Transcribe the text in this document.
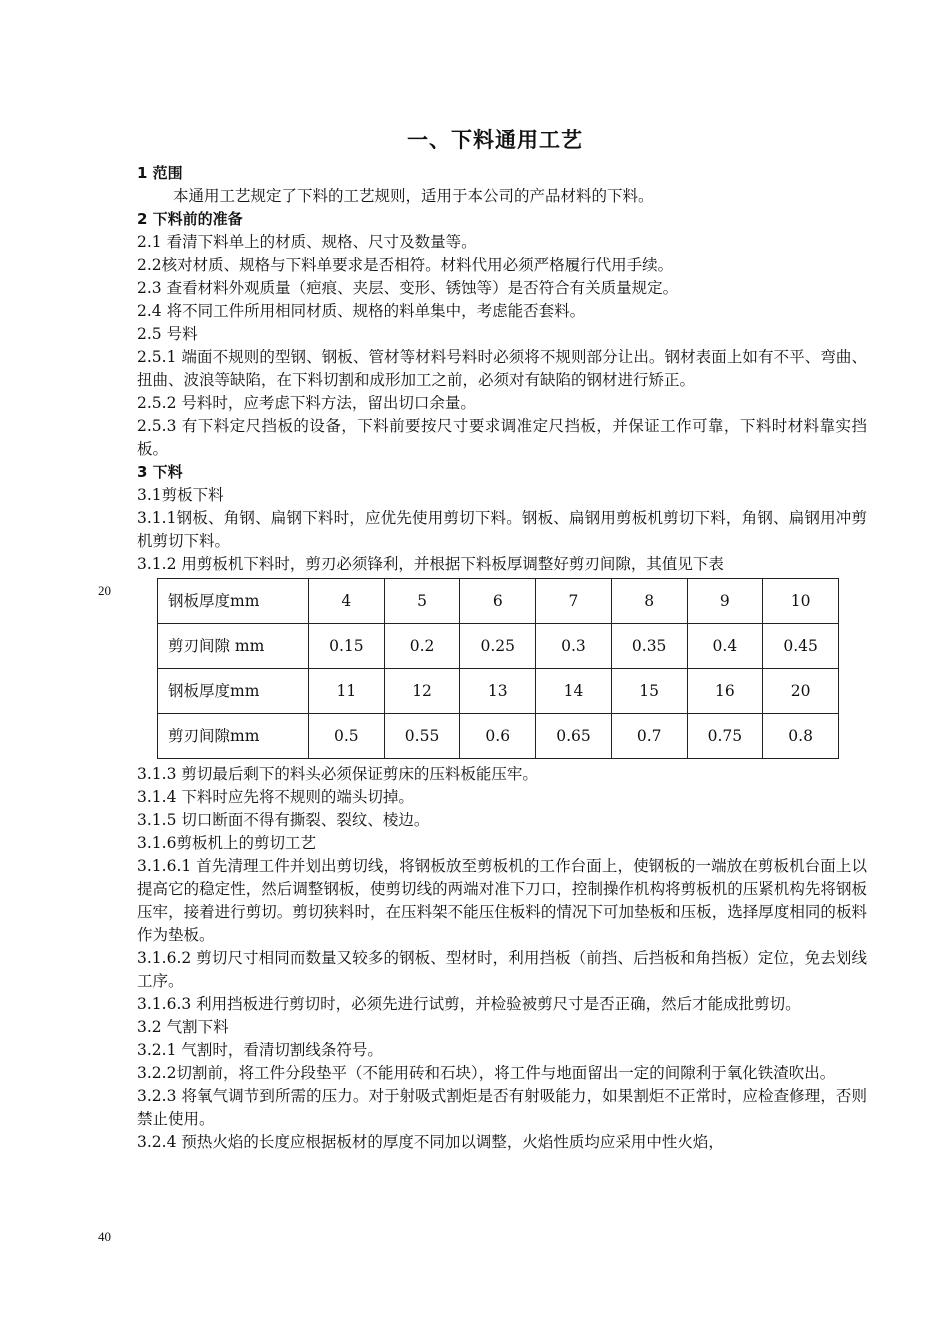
一、下料通用工艺
20
40
1 范围
本通用工艺规定了下料的工艺规则，适用于本公司的产品材料的下料。
2 下料前的准备
2.1 看清下料单上的材质、规格、尺寸及数量等。
2.2核对材质、规格与下料单要求是否相符。材料代用必须严格履行代用手续。
2.3 查看材料外观质量（疤痕、夹层、变形、锈蚀等）是否符合有关质量规定。
2.4 将不同工件所用相同材质、规格的料单集中，考虑能否套料。
2.5 号料
2.5.1 端面不规则的型钢、钢板、管材等材料号料时必须将不规则部分让出。钢材表面上如有不平、弯曲、扭曲、波浪等缺陷，在下料切割和成形加工之前，必须对有缺陷的钢材进行矫正。
2.5.2 号料时，应考虑下料方法，留出切口余量。
2.5.3 有下料定尺挡板的设备，下料前要按尺寸要求调准定尺挡板，并保证工作可靠，下料时材料靠实挡板。
3 下料
3.1剪板下料
3.1.1钢板、角钢、扁钢下料时，应优先使用剪切下料。钢板、扁钢用剪板机剪切下料，角钢、扁钢用冲剪机剪切下料。
3.1.2 用剪板机下料时，剪刃必须锋利，并根据下料板厚调整好剪刃间隙，其值见下表
钢板厚度mm	4	5	6	7	8	9	10
剪刃间隙 mm	0.15	0.2	0.25	0.3	0.35	0.4	0.45
钢板厚度mm	11	12	13	14	15	16	20
剪刃间隙mm	0.5	0.55	0.6	0.65	0.7	0.75	0.8
3.1.3 剪切最后剩下的料头必须保证剪床的压料板能压牢。
3.1.4 下料时应先将不规则的端头切掉。
3.1.5 切口断面不得有撕裂、裂纹、棱边。
3.1.6剪板机上的剪切工艺
3.1.6.1 首先清理工件并划出剪切线，将钢板放至剪板机的工作台面上，使钢板的一端放在剪板机台面上以提高它的稳定性，然后调整钢板，使剪切线的两端对准下刀口，控制操作机构将剪板机的压紧机构先将钢板压牢，接着进行剪切。剪切狭料时，在压料架不能压住板料的情况下可加垫板和压板，选择厚度相同的板料作为垫板。
3.1.6.2 剪切尺寸相同而数量又较多的钢板、型材时，利用挡板（前挡、后挡板和角挡板）定位，免去划线工序。
3.1.6.3 利用挡板进行剪切时，必须先进行试剪，并检验被剪尺寸是否正确，然后才能成批剪切。
3.2 气割下料
3.2.1 气割时，看清切割线条符号。
3.2.2切割前，将工件分段垫平（不能用砖和石块），将工件与地面留出一定的间隙利于氧化铁渣吹出。
3.2.3 将氧气调节到所需的压力。对于射吸式割炬是否有射吸能力，如果割炬不正常时，应检查修理，否则禁止使用。
3.2.4 预热火焰的长度应根据板材的厚度不同加以调整，火焰性质均应采用中性火焰，
